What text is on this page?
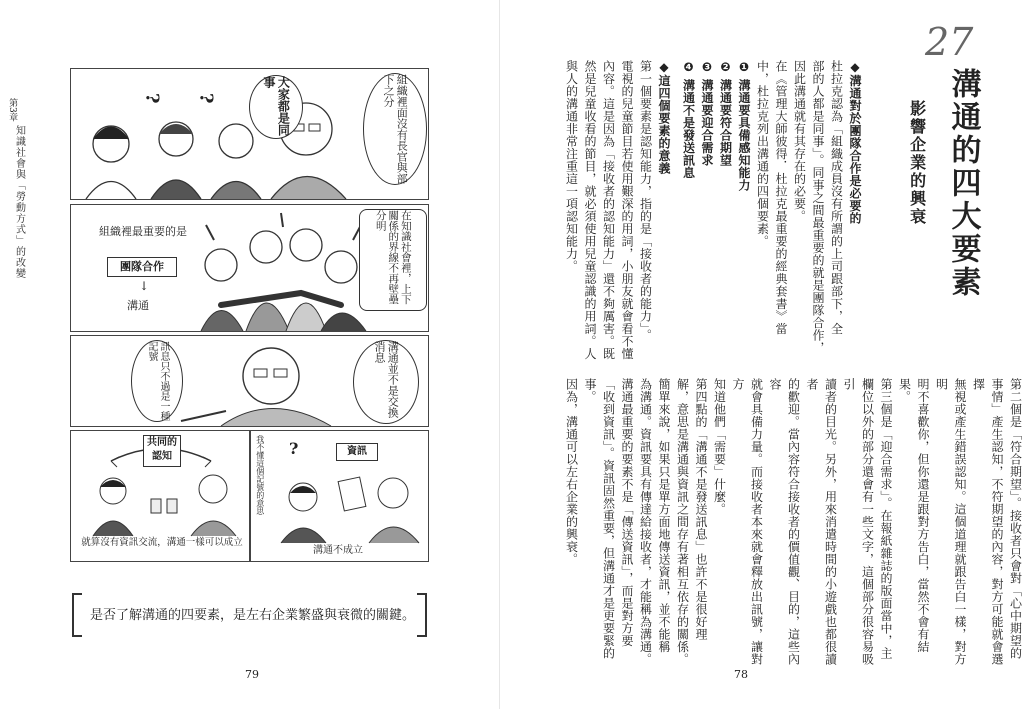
第3章
知識社會與「勞動方式」的改變
? ?	大家都是同事	組織裡面沒有長官與部下之分
組織裡最重要的是
團隊合作
↓
溝通
在知識社會裡，上下關係的界線不再壁壘分明
訊息只不過是一種記號	溝通並不是交換消息
共同的認知
就算沒有資訊交流，溝通一樣可以成立
我不懂這個記號的意思 ?	資訊
溝通不成立
是否了解溝通的四要素，是左右企業繁盛與衰微的關鍵。
79
27
溝通的四大要素
影響企業的興衰
◆ 溝通對於團隊合作是必要的
杜拉克認為「組織成員沒有所謂的上司跟部下，全
部的人都是同事」。同事之間最重要的就是團隊合作，
因此溝通就有其存在的必要。
在《管理大師彼得．杜拉克最重要的經典套書》當
中，杜拉克列出溝通的四個要素。
❶ 溝通要具備感知能力
❷ 溝通要符合期望
❸ 溝通要迎合需求
❹ 溝通不是發送訊息
◆ 這四個要素的意義
第一個要素是認知能力，指的是「接收者的能力」。
電視的兒童節目若使用艱深的用詞，小朋友就會看不懂
內容。這是因為「接收者的認知能力」還不夠厲害。既
然是兒童收看的節目，就必須使用兒童認識的用詞。人
與人的溝通非常注重這一項認知能力。
第二個是「符合期望」。接收者只會對「心中期望的
事情」產生認知，不符期望的內容，對方可能就會選擇
無視或產生錯誤認知。這個道理就跟告白一樣，對方明
明不喜歡你，但你還是跟對方告白，當然不會有結果。
第三個是「迎合需求」。在報紙雜誌的版面當中，主
欄位以外的部分還會有一些文字，這個部分很容易吸引
讀者的目光。另外，用來消遣時間的小遊戲也都很讀者
的歡迎。當內容符合接收者的價值觀、目的，這些內容
就會具備力量。而接收者本來就會釋放出訊號，讓對方
知道他們「需要」什麼。
第四點的「溝通不是發送訊息」也許不是很好理
解，意思是溝通與資訊之間存有著相互依存的關係。
簡單來說，如果只是單方面地傳送資訊，並不能稱
為溝通。資訊要具有傳達給接收者，才能稱為溝通。
溝通最重要的要素不是「傳送資訊」，而是對方要
「收到資訊」。資訊固然重要，但溝通才是更要緊的事。
因為，溝通可以左右企業的興衰。
78
